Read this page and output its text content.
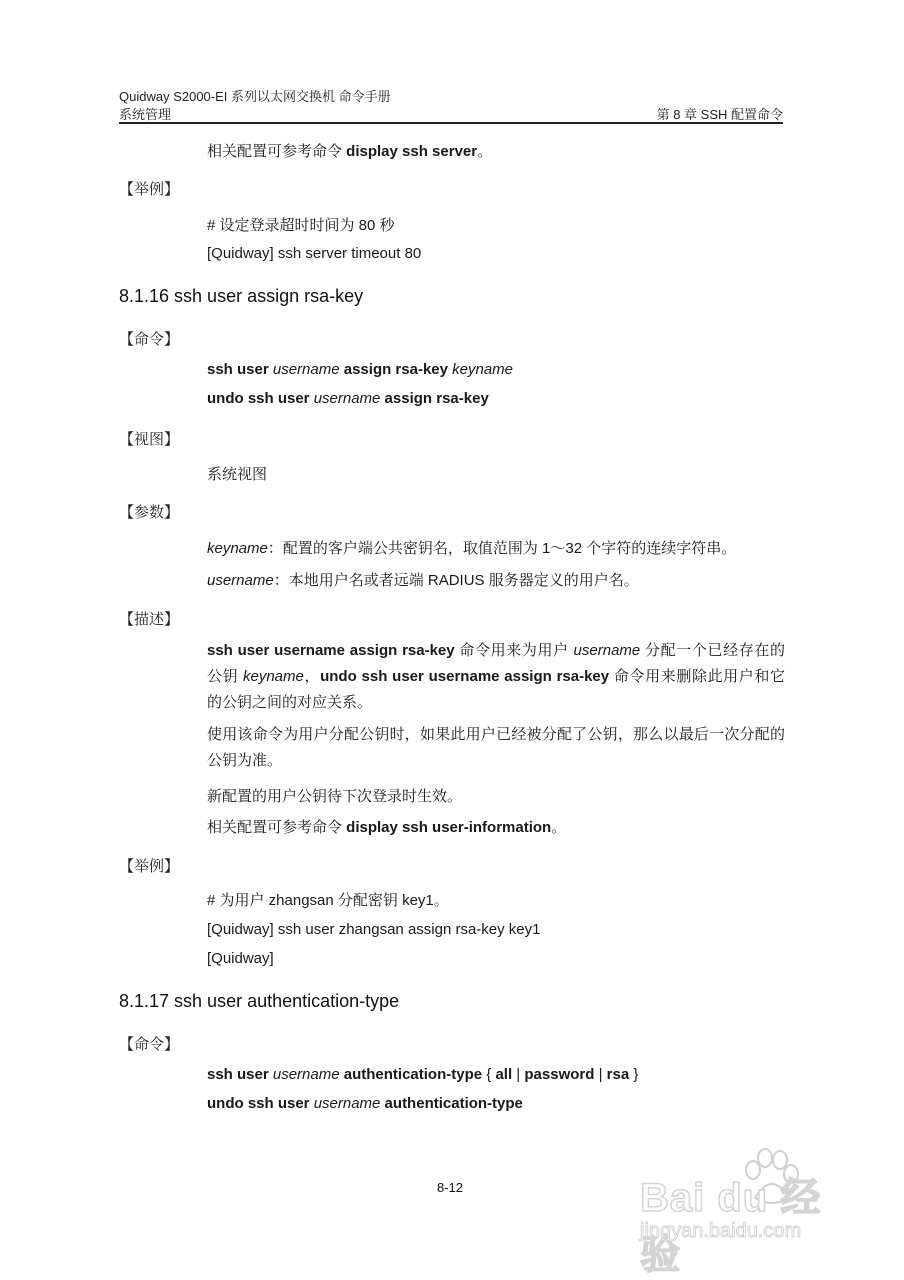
Quidway S2000-EI 系列以太网交换机 命令手册
系统管理	第 8 章 SSH 配置命令
相关配置可参考命令 display ssh server。
【举例】
# 设定登录超时时间为 80 秒
[Quidway] ssh server timeout 80
8.1.16 ssh user assign rsa-key
【命令】
ssh user username assign rsa-key keyname
undo ssh user username assign rsa-key
【视图】
系统视图
【参数】
keyname：配置的客户端公共密钥名，取值范围为 1～32 个字符的连续字符串。
username：本地用户名或者远端 RADIUS 服务器定义的用户名。
【描述】
ssh user username assign rsa-key 命令用来为用户 username 分配一个已经存在的公钥 keyname，undo ssh user username assign rsa-key 命令用来删除此用户和它的公钥之间的对应关系。
使用该命令为用户分配公钥时，如果此用户已经被分配了公钥，那么以最后一次分配的公钥为准。
新配置的用户公钥待下次登录时生效。
相关配置可参考命令 display ssh user-information。
【举例】
# 为用户 zhangsan 分配密钥 key1。
[Quidway] ssh user zhangsan assign rsa-key key1
[Quidway]
8.1.17 ssh user authentication-type
【命令】
ssh user username authentication-type { all | password | rsa }
undo ssh user username authentication-type
8-12	Bai du 经验
jingyan.baidu.com
